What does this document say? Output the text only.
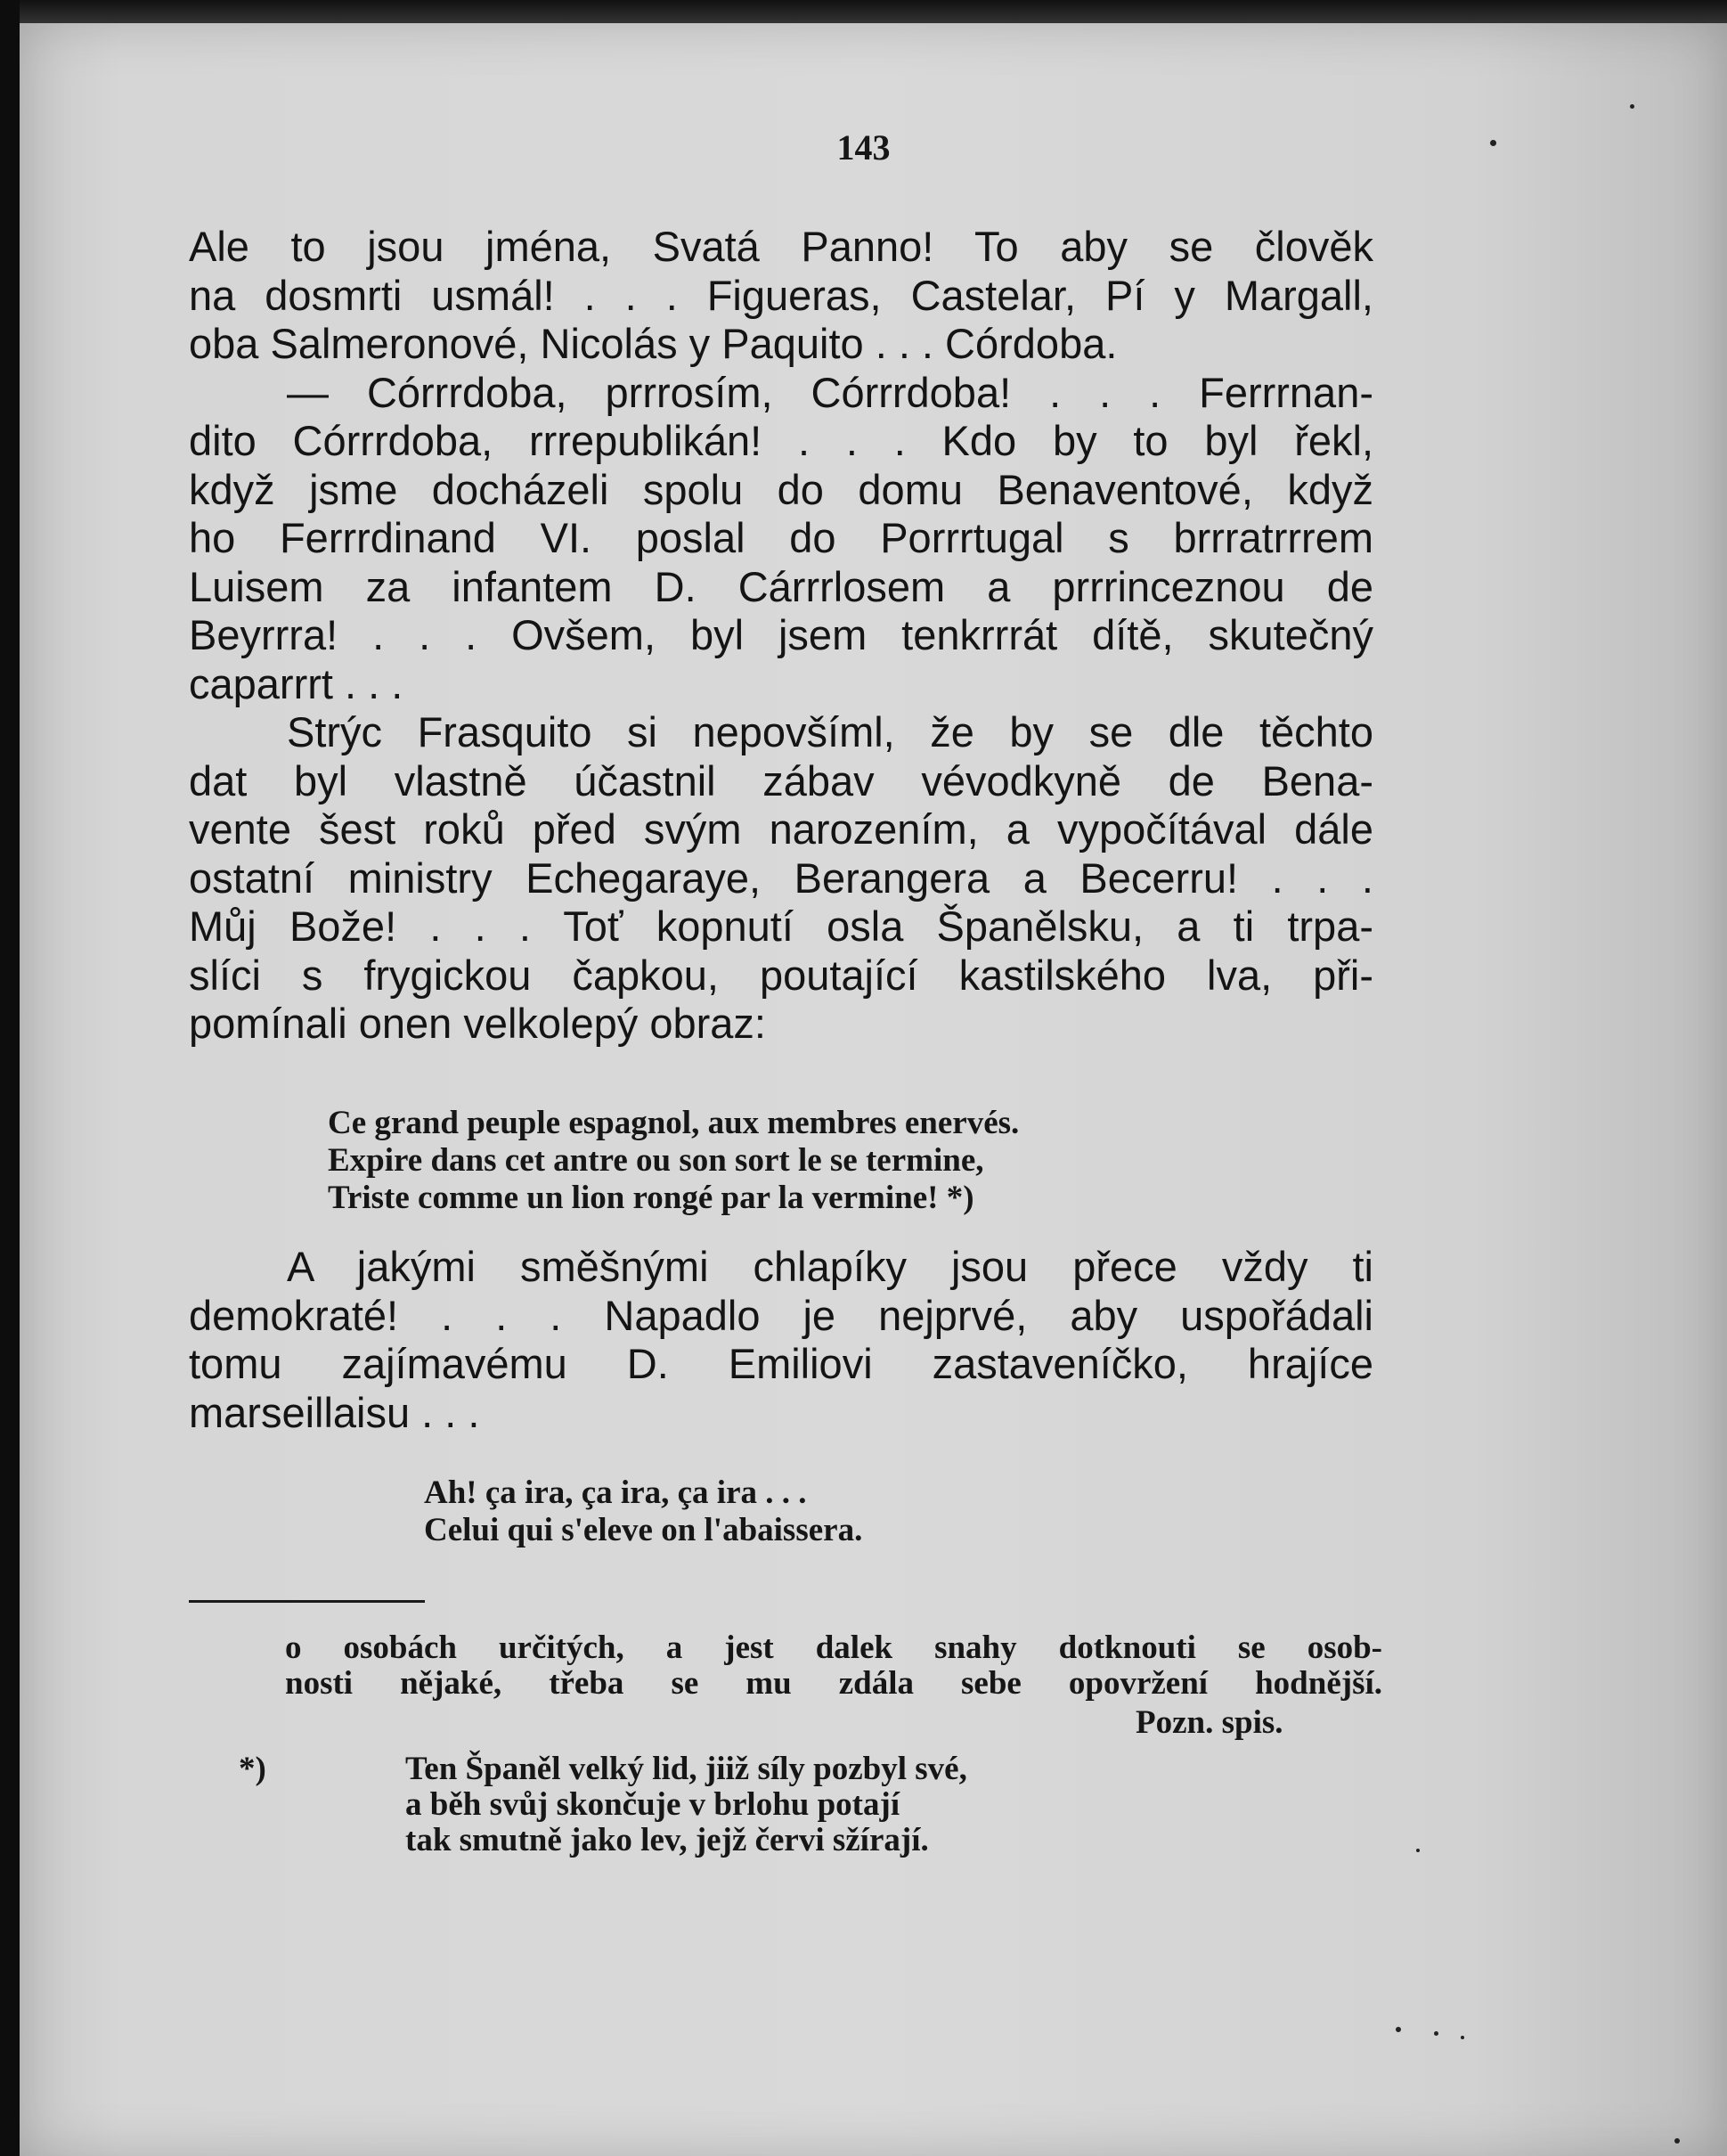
143
Ale to jsou jména, Svatá Panno! To aby se člověk
na dosmrti usmál! . . . Figueras, Castelar, Pí y Margall,
oba Salmeronové, Nicolás y Paquito . . . Córdoba.
— Córrrdoba, prrrosím, Córrrdoba! . . . Ferrrnan-
dito Córrrdoba, rrrepublikán! . . . Kdo by to byl řekl,
když jsme docházeli spolu do domu Benaventové, když
ho Ferrrdinand VI. poslal do Porrrtugal s brrratrrrem
Luisem za infantem D. Cárrrlosem a prrrinceznou de
Beyrrra! . . . Ovšem, byl jsem tenkrrrát dítě, skutečný
caparrrt . . .
Strýc Frasquito si nepovšíml, že by se dle těchto
dat byl vlastně účastnil zábav vévodkyně de Bena-
vente šest roků před svým narozením, a vypočítával dále
ostatní ministry Echegaraye, Berangera a Becerru! . . .
Můj Bože! . . . Toť kopnutí osla Španělsku, a ti trpa-
slíci s frygickou čapkou, poutající kastilského lva, při-
pomínali onen velkolepý obraz:
Ce grand peuple espagnol, aux membres enervés.
Expire dans cet antre ou son sort le se termine,
Triste comme un lion rongé par la vermine! *)
A jakými směšnými chlapíky jsou přece vždy ti
demokraté! . . . Napadlo je nejprvé, aby uspořádali
tomu zajímavému D. Emiliovi zastaveníčko, hrajíce
marseillaisu . . .
Ah! ça ira, ça ira, ça ira . . .
Celui qui s'eleve on l'abaissera.
o osobách určitých, a jest dalek snahy dotknouti se osob-
nosti nějaké, třeba se mu zdála sebe opovržení hodnější.
Pozn. spis.
*)	Ten Španěl velký lid, jiiž síly pozbyl své,
a běh svůj skončuje v brlohu potají
tak smutně jako lev, jejž červi sžírají.
